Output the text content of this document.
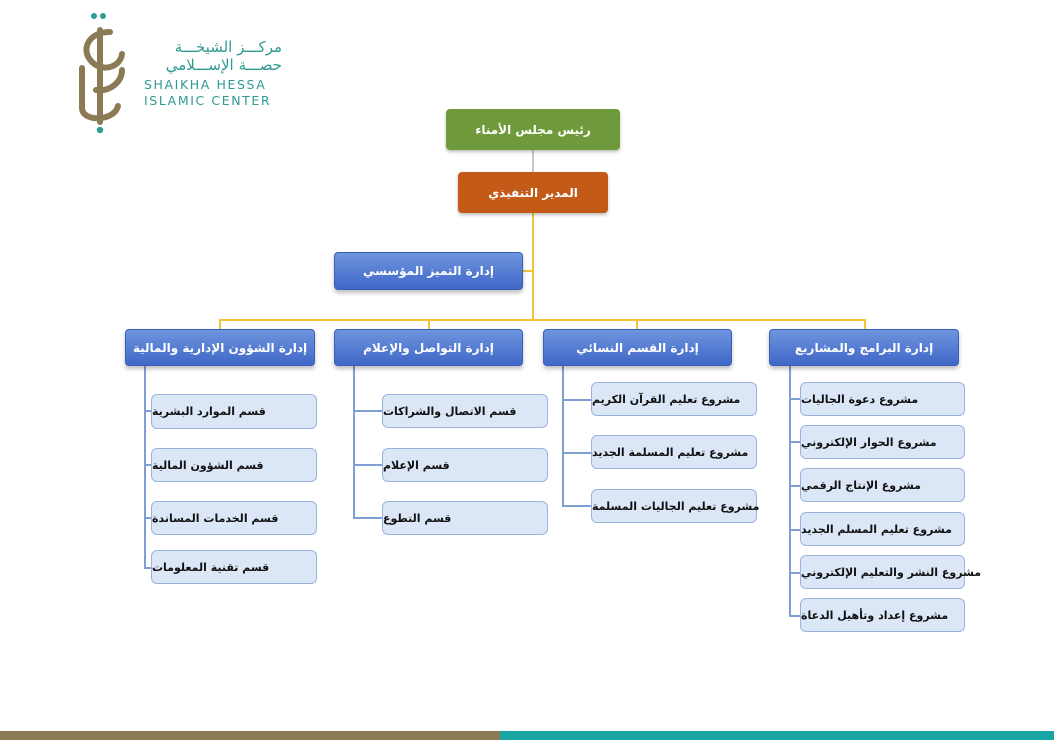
مركـــز الشيخـــة
حصـــة الإســـلامي
SHAIKHA HESSA
ISLAMIC CENTER
رئيس مجلس الأمناء
المدير التنفيذي
إدارة التميز المؤسسي
إدارة الشؤون الإدارية والمالية	إدارة التواصل والإعلام	إدارة القسم النسائي	إدارة البرامج والمشاريع
قسم الموارد البشرية
قسم الشؤون المالية
قسم الخدمات المساندة
قسم تقنية المعلومات
قسم الاتصال والشراكات
قسم الإعلام
قسم التطوع
مشروع تعليم القرآن الكريم
مشروع تعليم المسلمة الجديد
مشروع تعليم الجاليات المسلمة
مشروع دعوة الجاليات
مشروع الحوار الإلكتروني
مشروع الإنتاج الرقمي
مشروع تعليم المسلم الجديد
مشروع النشر والتعليم الإلكتروني
مشروع إعداد وتأهيل الدعاة
